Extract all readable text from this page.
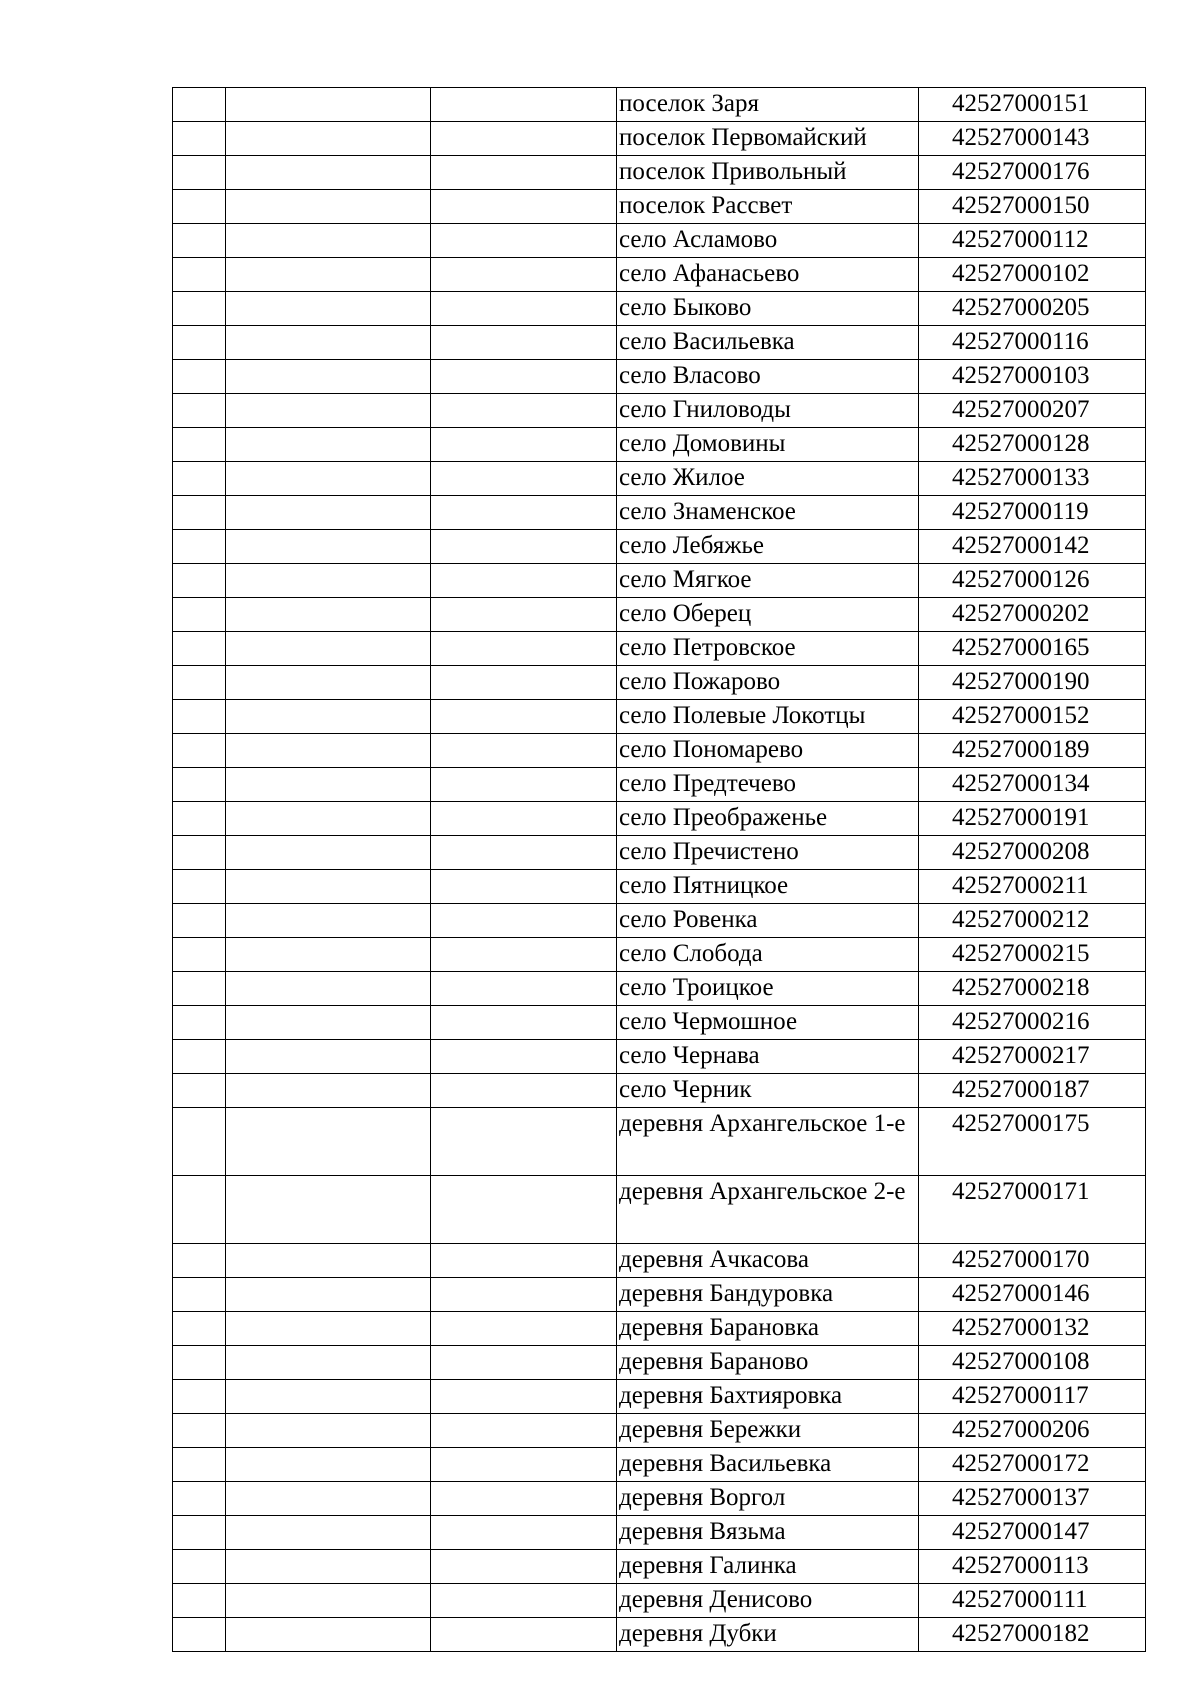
			поселок Заря	42527000151
			поселок Первомайский	42527000143
			поселок Привольный	42527000176
			поселок Рассвет	42527000150
			село Асламово	42527000112
			село Афанасьево	42527000102
			село Быково	42527000205
			село Васильевка	42527000116
			село Власово	42527000103
			село Гниловоды	42527000207
			село Домовины	42527000128
			село Жилое	42527000133
			село Знаменское	42527000119
			село Лебяжье	42527000142
			село Мягкое	42527000126
			село Оберец	42527000202
			село Петровское	42527000165
			село Пожарово	42527000190
			село Полевые Локотцы	42527000152
			село Пономарево	42527000189
			село Предтечево	42527000134
			село Преображенье	42527000191
			село Пречистено	42527000208
			село Пятницкое	42527000211
			село Ровенка	42527000212
			село Слобода	42527000215
			село Троицкое	42527000218
			село Чермошное	42527000216
			село Чернава	42527000217
			село Черник	42527000187
			деревня Архангельское 1-е	42527000175
			деревня Архангельское 2-е	42527000171
			деревня Ачкасова	42527000170
			деревня Бандуровка	42527000146
			деревня Барановка	42527000132
			деревня Бараново	42527000108
			деревня Бахтияровка	42527000117
			деревня Бережки	42527000206
			деревня Васильевка	42527000172
			деревня Воргол	42527000137
			деревня Вязьма	42527000147
			деревня Галинка	42527000113
			деревня Денисово	42527000111
			деревня Дубки	42527000182
